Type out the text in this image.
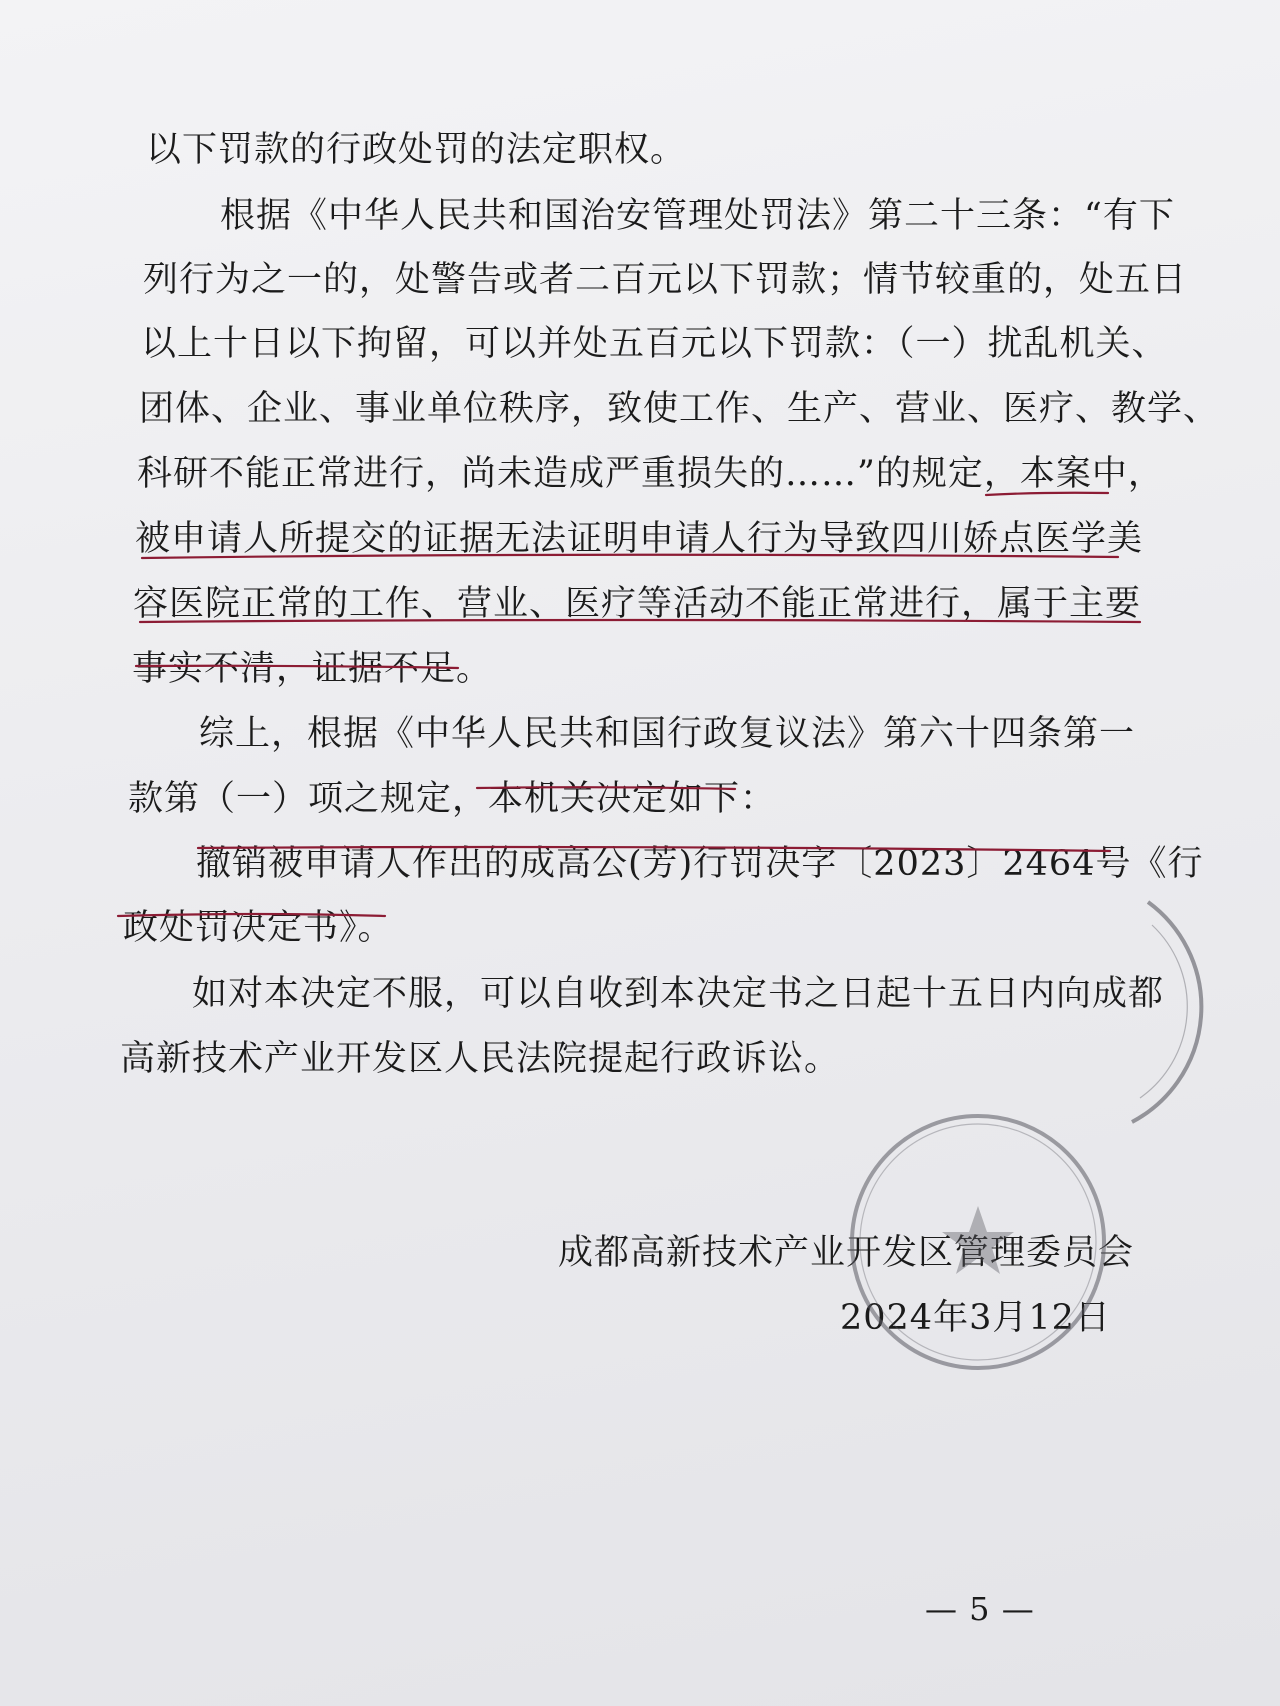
以下罚款的行政处罚的法定职权。
根据《中华人民共和国治安管理处罚法》第二十三条：“有下
列行为之一的，处警告或者二百元以下罚款；情节较重的，处五日
以上十日以下拘留，可以并处五百元以下罚款：（一）扰乱机关、
团体、企业、事业单位秩序，致使工作、生产、营业、医疗、教学、
科研不能正常进行，尚未造成严重损失的……”的规定，本案中，
被申请人所提交的证据无法证明申请人行为导致四川娇点医学美
容医院正常的工作、营业、医疗等活动不能正常进行，属于主要
事实不清，证据不足。
综上，根据《中华人民共和国行政复议法》第六十四条第一
款第（一）项之规定，本机关决定如下：
撤销被申请人作出的成高公(芳)行罚决字〔2023〕2464号《行
政处罚决定书》。
如对本决定不服，可以自收到本决定书之日起十五日内向成都
高新技术产业开发区人民法院提起行政诉讼。
成都高新技术产业开发区管理委员会
2024年3月12日
— 5 —
